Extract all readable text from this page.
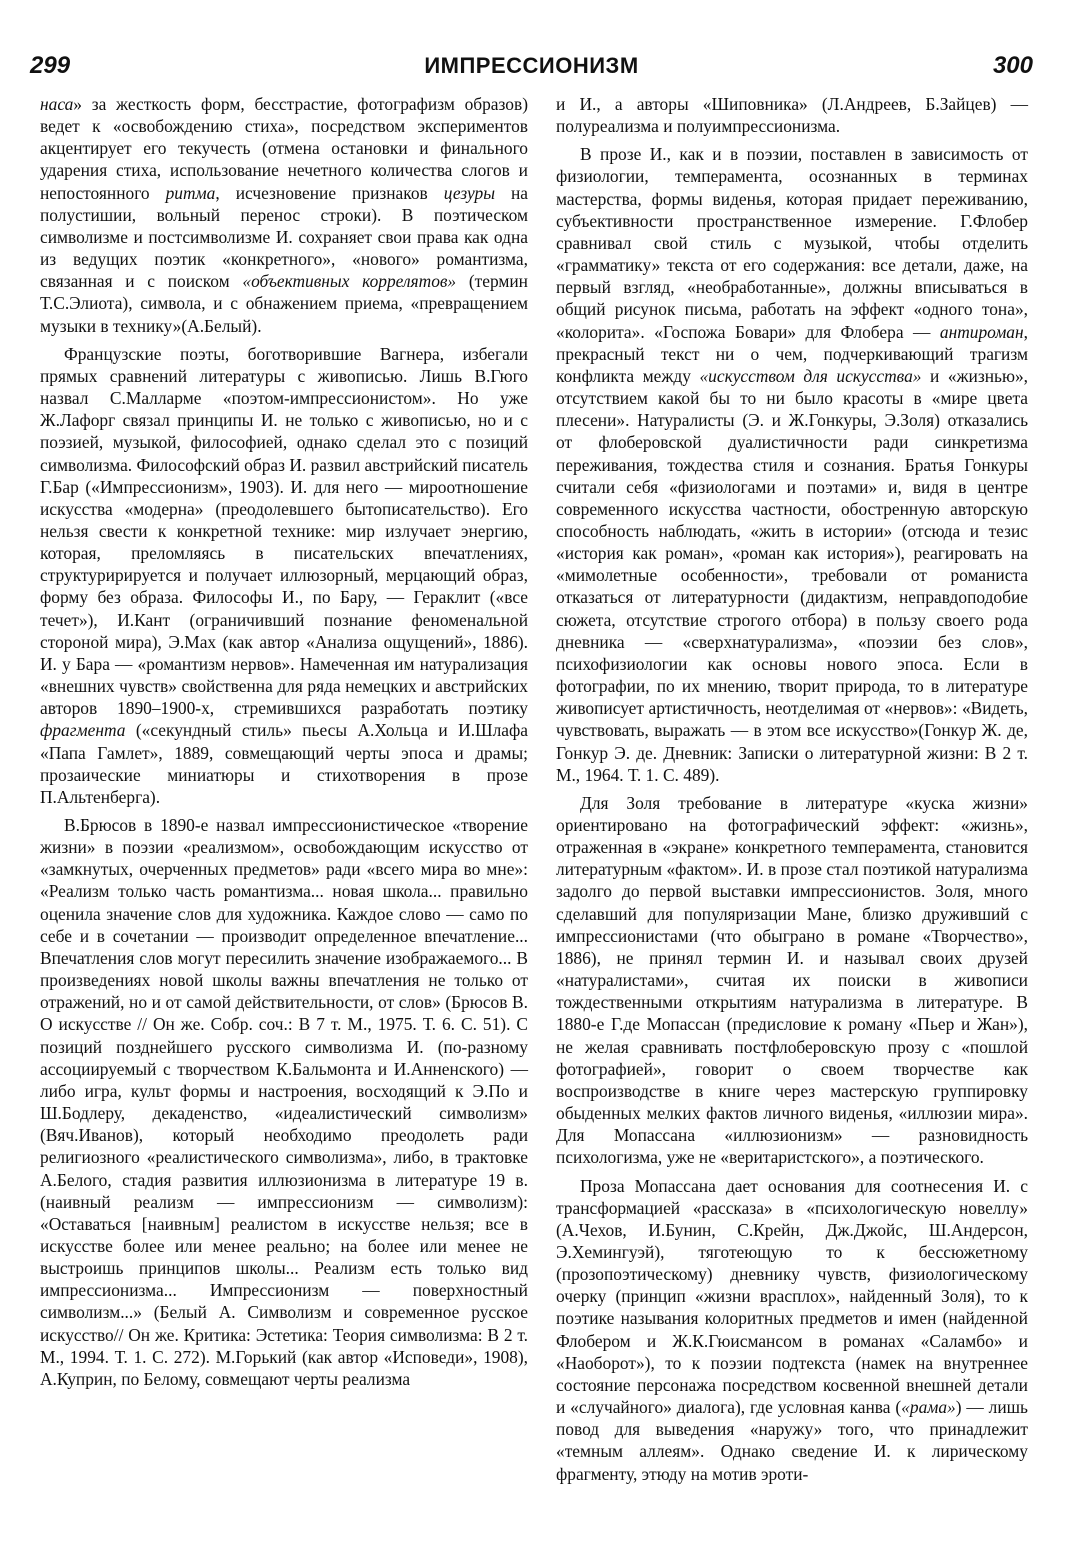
299	ИМПРЕССИОНИЗМ	300

наса» за жесткость форм, бесстрастие, фотографизм образов) ведет к «освобождению стиха», посредством экспериментов акцентирует его текучесть (отмена остановки и финального ударения стиха, использование нечетного количества слогов и непостоянного ритма, исчезновение признаков цезуры на полустишии, вольный перенос строки). В поэтическом символизме и постсимволизме И. сохраняет свои права как одна из ведущих поэтик «конкретного», «нового» романтизма, связанная и с поиском «объективных коррелятов» (термин Т.С.Элиота), символа, и с обнажением приема, «превращением музыки в технику»(А.Белый).

Французские поэты, боготворившие Вагнера, избегали прямых сравнений литературы с живописью. Лишь В.Гюго назвал С.Малларме «поэтом-импрессионистом». Но уже Ж.Лафорг связал принципы И. не только с живописью, но и с поэзией, музыкой, философией, однако сделал это с позиций символизма. Философский образ И. развил австрийский писатель Г.Бар («Импрессионизм», 1903). И. для него — мироотношение искусства «модерна» (преодолевшего бытописательство). Его нельзя свести к конкретной технике: мир излучает энергию, которая, преломляясь в писательских впечатлениях, структуририруется и получает иллюзорный, мерцающий образ, форму без образа. Философы И., по Бару, — Гераклит («все течет»), И.Кант (ограничивший познание феноменальной стороной мира), Э.Мах (как автор «Анализа ощущений», 1886). И. у Бара — «романтизм нервов». Намеченная им натурализация «внешних чувств» свойственна для ряда немецких и австрийских авторов 1890–1900-х, стремившихся разработать поэтику фрагмента («секундный стиль» пьесы А.Хольца и И.Шлафа «Папа Гамлет», 1889, совмещающий черты эпоса и драмы; прозаические миниатюры и стихотворения в прозе П.Альтенберга).

В.Брюсов в 1890-е назвал импрессионистическое «творение жизни» в поэзии «реализмом», освобождающим искусство от «замкнутых, очерченных предметов» ради «всего мира во мне»: «Реализм только часть романтизма... новая школа... правильно оценила значение слов для художника. Каждое слово — само по себе и в сочетании — производит определенное впечатление... Впечатления слов могут пересилить значение изображаемого... В произведениях новой школы важны впечатления не только от отражений, но и от самой действительности, от слов» (Брюсов В. О искусстве // Он же. Собр. соч.: В 7 т. М., 1975. Т. 6. С. 51). С позиций позднейшего русского символизма И. (по-разному ассоциируемый с творчеством К.Бальмонта и И.Анненского) — либо игра, культ формы и настроения, восходящий к Э.По и Ш.Бодлеру, декаденство, «идеалистический символизм» (Вяч.Иванов), который необходимо преодолеть ради религиозного «реалистического символизма», либо, в трактовке А.Белого, стадия развития иллюзионизма в литературе 19 в. (наивный реализм — импрессионизм — символизм): «Оставаться [наивным] реалистом в искусстве нельзя; все в искусстве более или менее реально; на более или менее не выстроишь принципов школы... Реализм есть только вид импрессионизма... Импрессионизм — поверхностный символизм...» (Белый А. Символизм и современное русское искусство// Он же. Критика: Эстетика: Теория символизма: В 2 т. М., 1994. Т. 1. С. 272). М.Горький (как автор «Исповеди», 1908), А.Куприн, по Белому, совмещают черты реализма

и И., а авторы «Шиповника» (Л.Андреев, Б.Зайцев) — полуреализма и полуимпрессионизма.

В прозе И., как и в поэзии, поставлен в зависимость от физиологии, темперамента, осознанных в терминах мастерства, формы виденья, которая придает переживанию, субъективности пространственное измерение. Г.Флобер сравнивал свой стиль с музыкой, чтобы отделить «грамматику» текста от его содержания: все детали, даже, на первый взгляд, «необработанные», должны вписываться в общий рисунок письма, работать на эффект «одного тона», «колорита». «Госпожа Бовари» для Флобера — антироман, прекрасный текст ни о чем, подчеркивающий трагизм конфликта между «искусством для искусства» и «жизнью», отсутствием какой бы то ни было красоты в «мире цвета плесени». Натуралисты (Э. и Ж.Гонкуры, Э.Золя) отказались от флоберовской дуалистичности ради синкретизма переживания, тождества стиля и сознания. Братья Гонкуры считали себя «физиологами и поэтами» и, видя в центре современного искусства частности, обостренную авторскую способность наблюдать, «жить в истории» (отсюда и тезис «история как роман», «роман как история»), реагировать на «мимолетные особенности», требовали от романиста отказаться от литературности (дидактизм, неправдоподобие сюжета, отсутствие строгого отбора) в пользу своего рода дневника — «сверхнатурализма», «поэзии без слов», психофизиологии как основы нового эпоса. Если в фотографии, по их мнению, творит природа, то в литературе живописует артистичность, неотделимая от «нервов»: «Видеть, чувствовать, выражать — в этом все искусство»(Гонкур Ж. де, Гонкур Э. де. Дневник: Записки о литературной жизни: В 2 т. М., 1964. Т. 1. С. 489).

Для Золя требование в литературе «куска жизни» ориентировано на фотографический эффект: «жизнь», отраженная в «экране» конкретного темперамента, становится литературным «фактом». И. в прозе стал поэтикой натурализма задолго до первой выставки импрессионистов. Золя, много сделавший для популяризации Мане, близко друживший с импрессионистами (что обыграно в романе «Творчество», 1886), не принял термин И. и называл своих друзей «натуралистами», считая их поиски в живописи тождественными открытиям натурализма в литературе. В 1880-е Г.де Мопассан (предисловие к роману «Пьер и Жан»), не желая сравнивать постфлоберовскую прозу с «пошлой фотографией», говорит о своем творчестве как воспроизводстве в книге через мастерскую группировку обыденных мелких фактов личного виденья, «иллюзии мира». Для Мопассана «иллюзионизм» — разновидность психологизма, уже не «веритаристского», а поэтического.

Проза Мопассана дает основания для соотнесения И. с трансформацией «рассказа» в «психологическую новеллу» (А.Чехов, И.Бунин, С.Крейн, Дж.Джойс, Ш.Андерсон, Э.Хемингуэй), тяготеющую то к бессюжетному (прозопоэтическому) дневнику чувств, физиологическому очерку (принцип «жизни врасплох», найденный Золя), то к поэтике называния колоритных предметов и имен (найденной Флобером и Ж.К.Гюисмансом в романах «Саламбо» и «Наоборот»), то к поэзии подтекста (намек на внутреннее состояние персонажа посредством косвенной внешней детали и «случайного» диалога), где условная канва («рама») — лишь повод для выведения «наружу» того, что принадлежит «темным аллеям». Однако сведение И. к лирическому фрагменту, этюду на мотив эроти-
